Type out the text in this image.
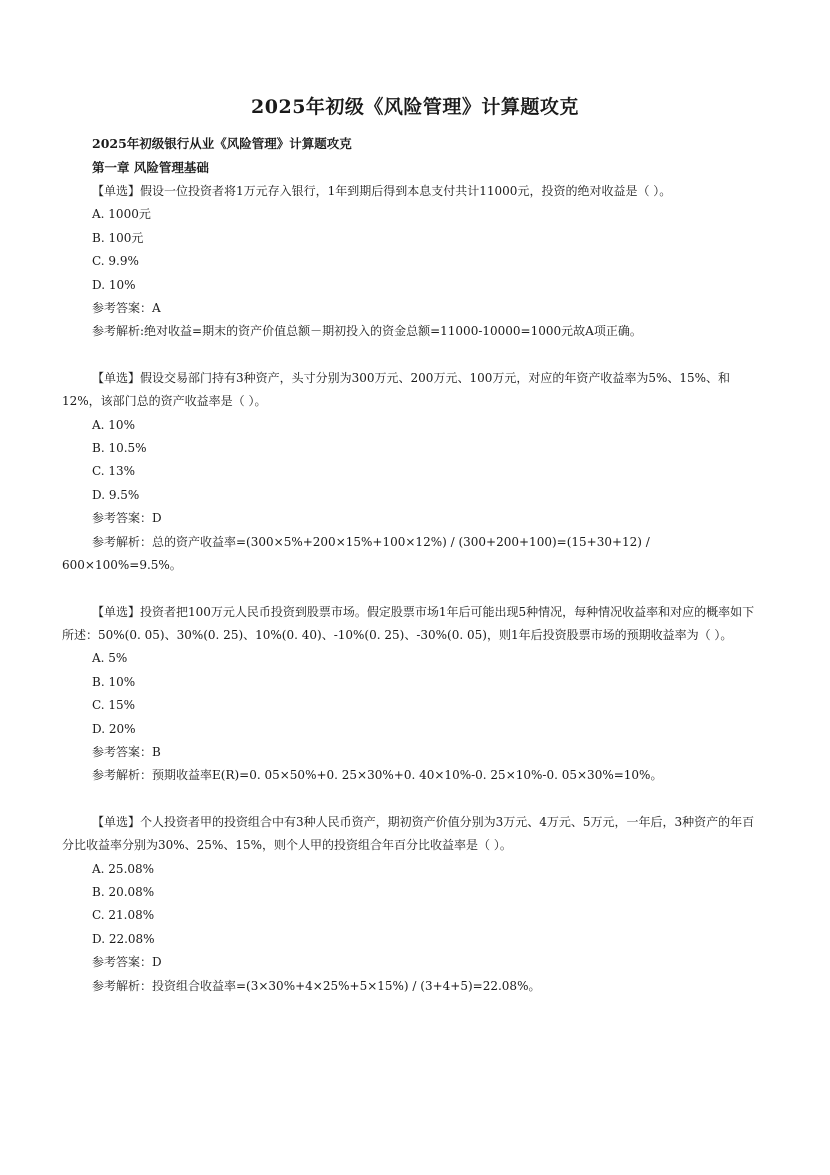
2025年初级《风险管理》计算题攻克
2025年初级银行从业《风险管理》计算题攻克
第一章 风险管理基础

【单选】假设一位投资者将1万元存入银行，1年到期后得到本息支付共计11000元，投资的绝对收益是（ ）。

A. 1000元

B. 100元

C. 9.9%

D. 10%

参考答案：A

参考解析:绝对收益=期末的资产价值总额－期初投入的资金总额=11000-10000=1000元故A项正确。

【单选】假设交易部门持有3种资产，头寸分别为300万元、200万元、100万元，对应的年资产收益率为5%、15%、和12%，该部门总的资产收益率是（ ）。

A. 10%

B. 10.5%

C. 13%

D. 9.5%

参考答案：D

参考解析：总的资产收益率=(300×5%+200×15%+100×12%) / (300+200+100)=(15+30+12) / 600×100%=9.5%。

【单选】投资者把100万元人民币投资到股票市场。假定股票市场1年后可能出现5种情况，每种情况收益率和对应的概率如下所述：50%(0. 05)、30%(0. 25)、10%(0. 40)、-10%(0. 25)、-30%(0. 05)，则1年后投资股票市场的预期收益率为（ ）。

A. 5%

B. 10%

C. 15%

D. 20%

参考答案：B

参考解析：预期收益率E(R)=0. 05×50%+0. 25×30%+0. 40×10%-0. 25×10%-0. 05×30%=10%。

【单选】个人投资者甲的投资组合中有3种人民币资产，期初资产价值分别为3万元、4万元、5万元，一年后，3种资产的年百分比收益率分别为30%、25%、15%，则个人甲的投资组合年百分比收益率是（ ）。

A. 25.08%

B. 20.08%

C. 21.08%

D. 22.08%

参考答案：D

参考解析：投资组合收益率=(3×30%+4×25%+5×15%) / (3+4+5)=22.08%。
